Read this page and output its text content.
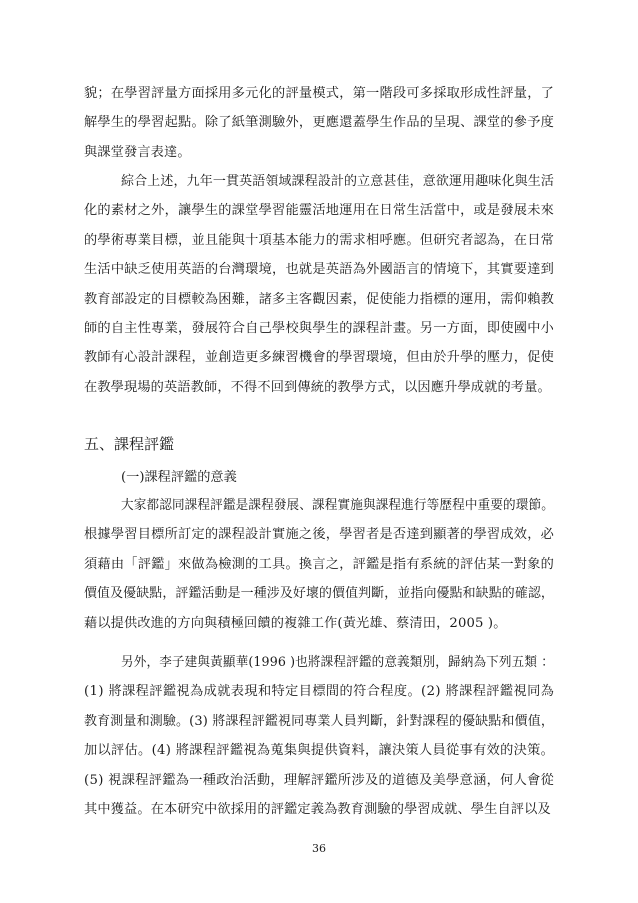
貌；在學習評量方面採用多元化的評量模式，第一階段可多採取形成性評量，了
解學生的學習起點。除了紙筆測驗外，更應還蓋學生作品的呈現、課堂的參予度
與課堂發言表達。
綜合上述，九年一貫英語領域課程設計的立意甚佳，意欲運用趣味化與生活
化的素材之外，讓學生的課堂學習能靈活地運用在日常生活當中，或是發展未來
的學術專業目標，並且能與十項基本能力的需求相呼應。但研究者認為，在日常
生活中缺乏使用英語的台灣環境，也就是英語為外國語言的情境下，其實要達到
教育部設定的目標較為困難，諸多主客觀因素，促使能力指標的運用，需仰賴教
師的自主性專業，發展符合自己學校與學生的課程計畫。另一方面，即使國中小
教師有心設計課程，並創造更多練習機會的學習環境，但由於升學的壓力，促使
在教學現場的英語教師，不得不回到傳統的教學方式，以因應升學成就的考量。
五、課程評鑑
(一)課程評鑑的意義
大家都認同課程評鑑是課程發展、課程實施與課程進行等歷程中重要的環節。
根據學習目標所訂定的課程設計實施之後，學習者是否達到顯著的學習成效，必
須藉由「評鑑」來做為檢測的工具。換言之，評鑑是指有系統的評估某一對象的
價值及優缺點，評鑑活動是一種涉及好壞的價值判斷，並指向優點和缺點的確認，
藉以提供改進的方向與積極回饋的複雜工作(黃光雄、蔡清田，2005 )。
另外，李子建與黃顯華(1996 )也將課程評鑑的意義類別，歸納為下列五類 ：
(1) 將課程評鑑視為成就表現和特定目標間的符合程度。(2) 將課程評鑑視同為
教育測量和測驗。(3) 將課程評鑑視同專業人員判斷，針對課程的優缺點和價值，
加以評估。(4) 將課程評鑑視為蒐集與提供資料，讓決策人員從事有效的決策。
(5) 視課程評鑑為一種政治活動，理解評鑑所涉及的道德及美學意涵，何人會從
其中獲益。在本研究中欲採用的評鑑定義為教育測驗的學習成就、學生自評以及
36
